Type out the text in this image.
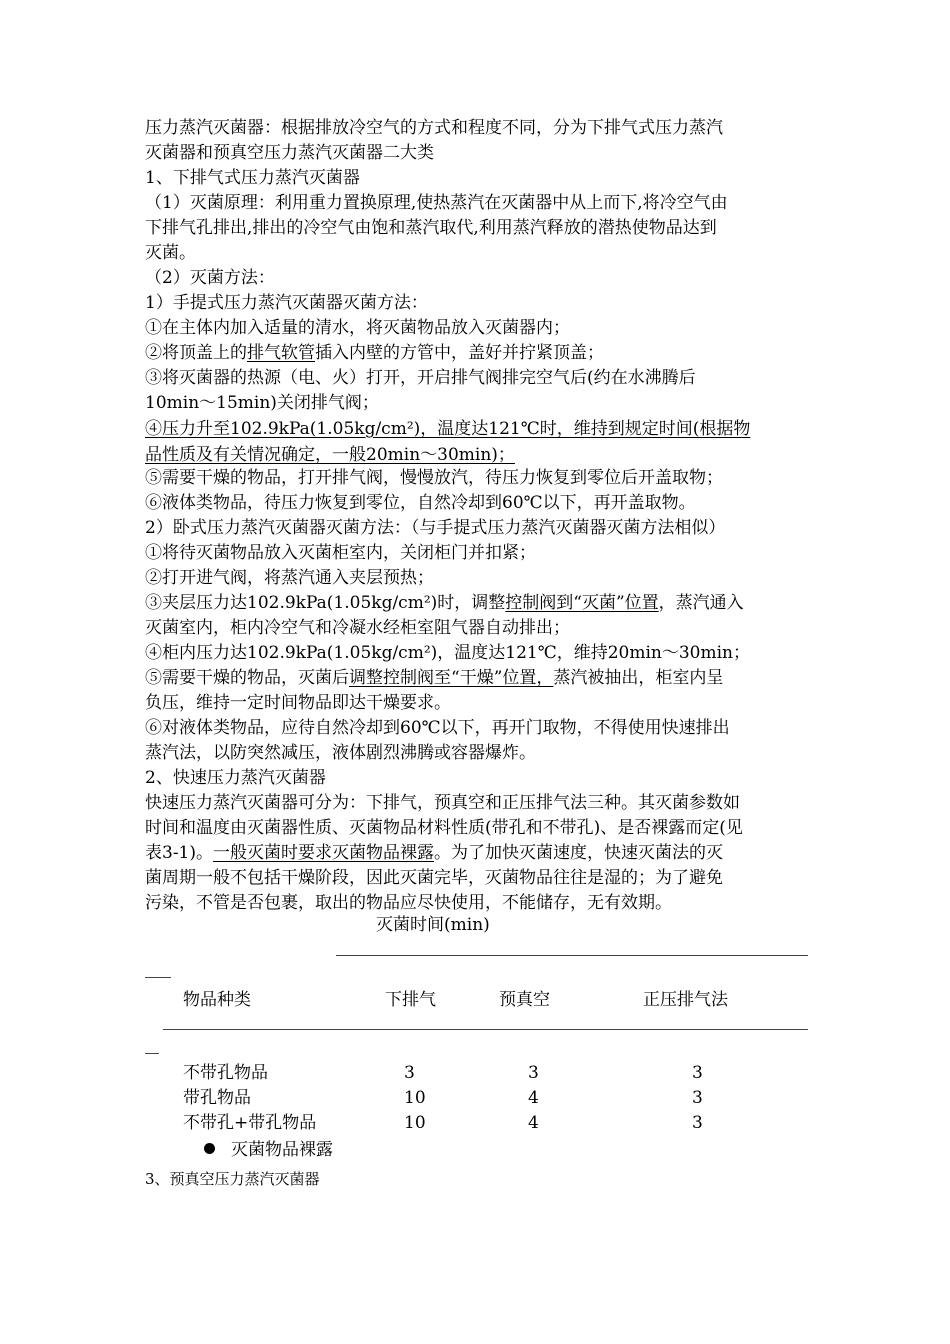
压力蒸汽灭菌器：根据排放冷空气的方式和程度不同，分为下排气式压力蒸汽
灭菌器和预真空压力蒸汽灭菌器二大类
1、下排气式压力蒸汽灭菌器
（1）灭菌原理：利用重力置换原理,使热蒸汽在灭菌器中从上而下,将冷空气由
下排气孔排出,排出的冷空气由饱和蒸汽取代,利用蒸汽释放的潜热使物品达到
灭菌。
（2）灭菌方法：
1）手提式压力蒸汽灭菌器灭菌方法：
①在主体内加入适量的清水，将灭菌物品放入灭菌器内；
②将顶盖上的排气软管插入内壁的方管中，盖好并拧紧顶盖；
③将灭菌器的热源（电、火）打开，开启排气阀排完空气后(约在水沸腾后
10min～15min)关闭排气阀；
④压力升至102.9kPa(1.05kg/cm²)，温度达121℃时，维持到规定时间(根据物
品性质及有关情况确定，一般20min～30min)；
⑤需要干燥的物品，打开排气阀，慢慢放汽，待压力恢复到零位后开盖取物；
⑥液体类物品，待压力恢复到零位，自然冷却到60℃以下，再开盖取物。
2）卧式压力蒸汽灭菌器灭菌方法：（与手提式压力蒸汽灭菌器灭菌方法相似）
①将待灭菌物品放入灭菌柜室内，关闭柜门并扣紧；
②打开进气阀，将蒸汽通入夹层预热；
③夹层压力达102.9kPa(1.05kg/cm²)时，调整控制阀到“灭菌”位置，蒸汽通入
灭菌室内，柜内冷空气和冷凝水经柜室阻气器自动排出；
④柜内压力达102.9kPa(1.05kg/cm²)，温度达121℃，维持20min～30min；
⑤需要干燥的物品，灭菌后调整控制阀至“干燥”位置，蒸汽被抽出，柜室内呈
负压，维持一定时间物品即达干燥要求。
⑥对液体类物品，应待自然冷却到60℃以下，再开门取物，不得使用快速排出
蒸汽法，以防突然减压，液体剧烈沸腾或容器爆炸。
2、快速压力蒸汽灭菌器
快速压力蒸汽灭菌器可分为：下排气，预真空和正压排气法三种。其灭菌参数如
时间和温度由灭菌器性质、灭菌物品材料性质(带孔和不带孔)、是否裸露而定(见
表3-1)。一般灭菌时要求灭菌物品裸露。为了加快灭菌速度，快速灭菌法的灭
菌周期一般不包括干燥阶段，因此灭菌完毕，灭菌物品往往是湿的；为了避免
污染，不管是否包裹，取出的物品应尽快使用，不能储存，无有效期。
灭菌时间(min)
物品种类	下排气	预真空	正压排气法
不带孔物品	3	3	3
带孔物品	10	4	3
不带孔+带孔物品	10	4	3
灭菌物品裸露
3、预真空压力蒸汽灭菌器
